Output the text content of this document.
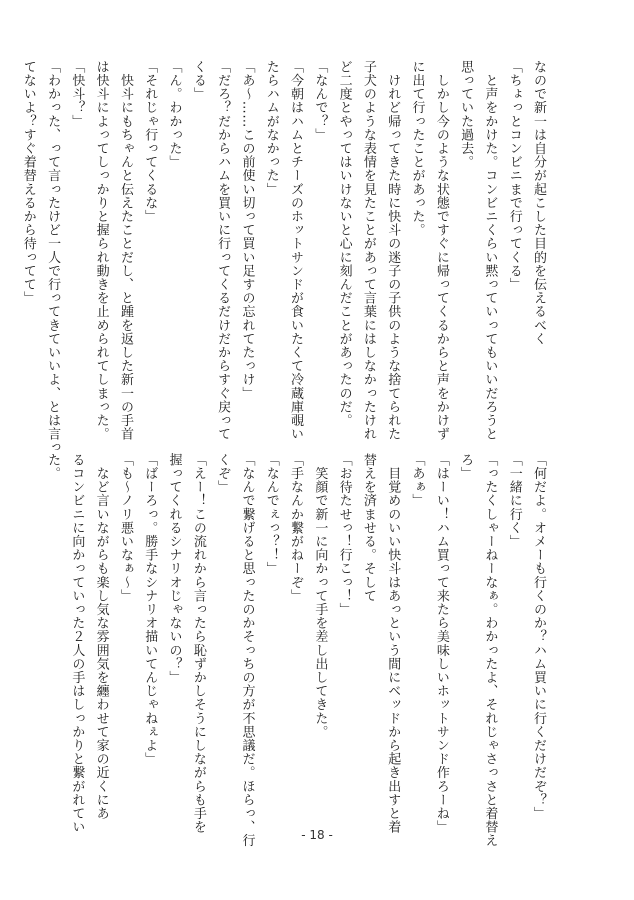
なので新一は自分が起こした目的を伝えるべく

「ちょっとコンビニまで行ってくる」

　と声をかけた。コンビニくらい黙っていってもいいだろうと

思っていた過去。

　しかし今のような状態ですぐに帰ってくるからと声をかけず

に出て行ったことがあった。

　けれど帰ってきた時に快斗の迷子の子供のような捨てられた

子犬のような表情を見たことがあって言葉にはしなかったけれ

ど二度とやってはいけないと心に刻んだことがあったのだ。

「なんで？」

「今朝はハムとチーズのホットサンドが食いたくて冷蔵庫覗い

たらハムがなかった」

「あ〜……この前使い切って買い足すの忘れてたっけ」

「だろ？だからハムを買いに行ってくるだけだからすぐ戻って

くる」

「ん。わかった」

「それじゃ行ってくるな」

　快斗にもちゃんと伝えたことだし、と踵を返した新一の手首

は快斗によってしっかりと握られ動きを止められてしまった。

「快斗？」

「わかった、って言ったけど一人で行ってきていいよ、とは言っ

てないよ？すぐ着替えるから待ってて」

「何だよ。オメーも行くのか？ハム買いに行くだけだぞ？」

「一緒に行く」

「ったくしゃーねーなぁ。わかったよ、それじゃさっさと着替え

ろ」

「はーい！ハム買って来たら美味しいホットサンド作ろーね」

「あぁ」

　目覚めのいい快斗はあっという間にベッドから起き出すと着

替えを済ませる。そして

「お待たせっ！行こっ！」

　笑顔で新一に向かって手を差し出してきた。

「手なんか繋がねーぞ」

「なんでぇっ？！」

「なんで繋げると思ったのかそっちの方が不思議だ。ほらっ、行

くぞ」

「えー！この流れから言ったら恥ずかしそうにしながらも手を

握ってくれるシナリオじゃないの？」

「ばーろっ。勝手なシナリオ描いてんじゃねぇよ」

「も〜ノリ悪いなぁ〜」

　など言いながらも楽し気な雰囲気を纏わせて家の近くにあ

るコンビニに向かっていった２人の手はしっかりと繋がれてい

た。

- 18 -
